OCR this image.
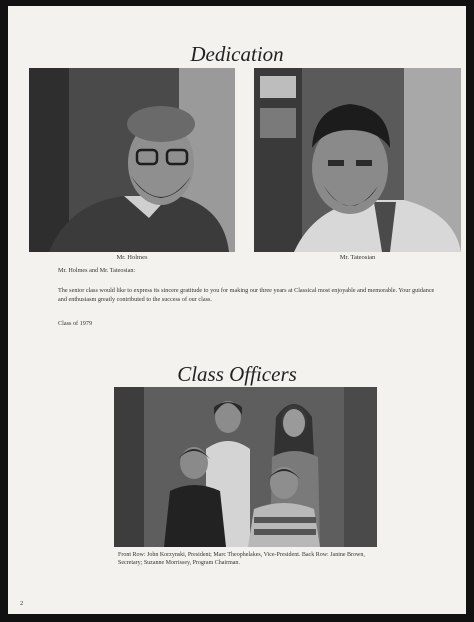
Dedication
Mr. Holmes	Mr. Tateosian

Mr. Holmes and Mr. Tateosian:

The senior class would like to express its sincere gratitude to you for making our three years at Classical most enjoyable and memorable. Your guidance and enthusiasm greatly contributed to the success of our class.

Class of 1979

Class Officers
Front Row: John Korzynski, President; Marc Theophelakes, Vice-President. Back Row: Janine Brown, Secretary; Suzanne Morrissey, Program Chairman.
2
